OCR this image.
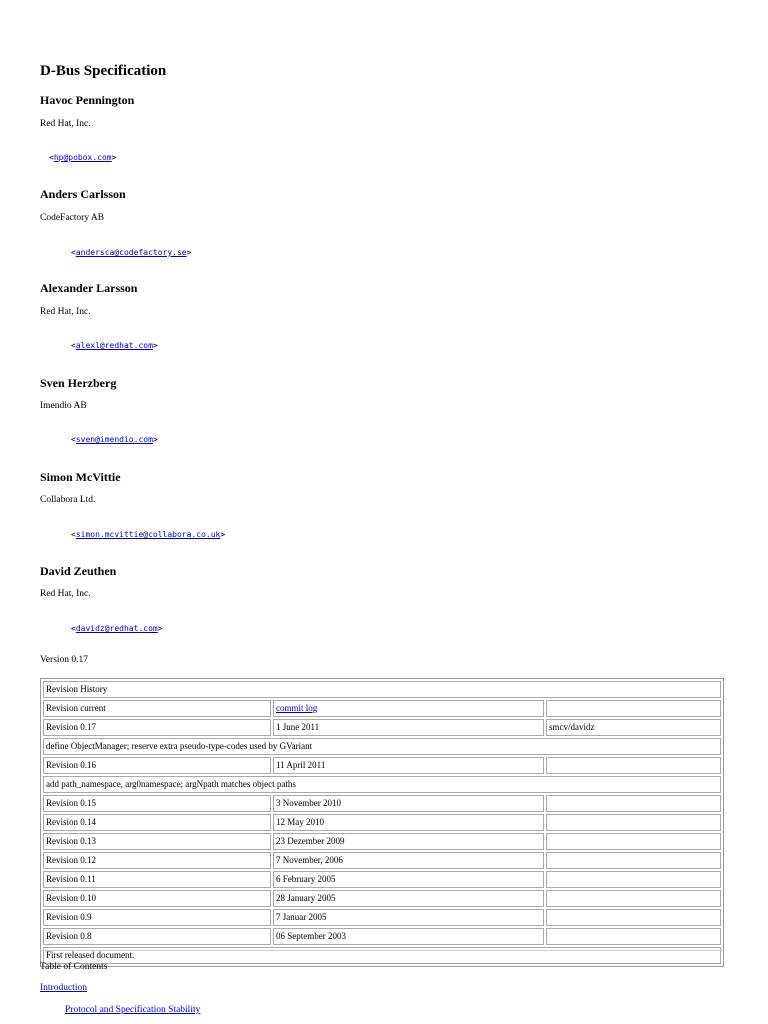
D-Bus Specification
Havoc Pennington
Red Hat, Inc.
<hp@pobox.com>
Anders Carlsson
CodeFactory AB
<andersca@codefactory.se>
Alexander Larsson
Red Hat, Inc.
<alexl@redhat.com>
Sven Herzberg
Imendio AB
<sven@imendio.com>
Simon McVittie
Collabora Ltd.
<simon.mcvittie@collabora.co.uk>
David Zeuthen
Red Hat, Inc.
<davidz@redhat.com>
Version 0.17
Revision History		
Revision current	commit log	
Revision 0.17	1 June 2011	smcv/davidz
define ObjectManager; reserve extra pseudo-type-codes used by GVariant		
Revision 0.16	11 April 2011	
add path_namespace, arg0namespace; argNpath matches object paths		
Revision 0.15	3 November 2010	
Revision 0.14	12 May 2010	
Revision 0.13	23 Dezember 2009	
Revision 0.12	7 November, 2006	
Revision 0.11	6 February 2005	
Revision 0.10	28 January 2005	
Revision 0.9	7 Januar 2005	
Revision 0.8	06 September 2003	
First released document.		
Table of Contents
Introduction
Protocol and Specification Stability
